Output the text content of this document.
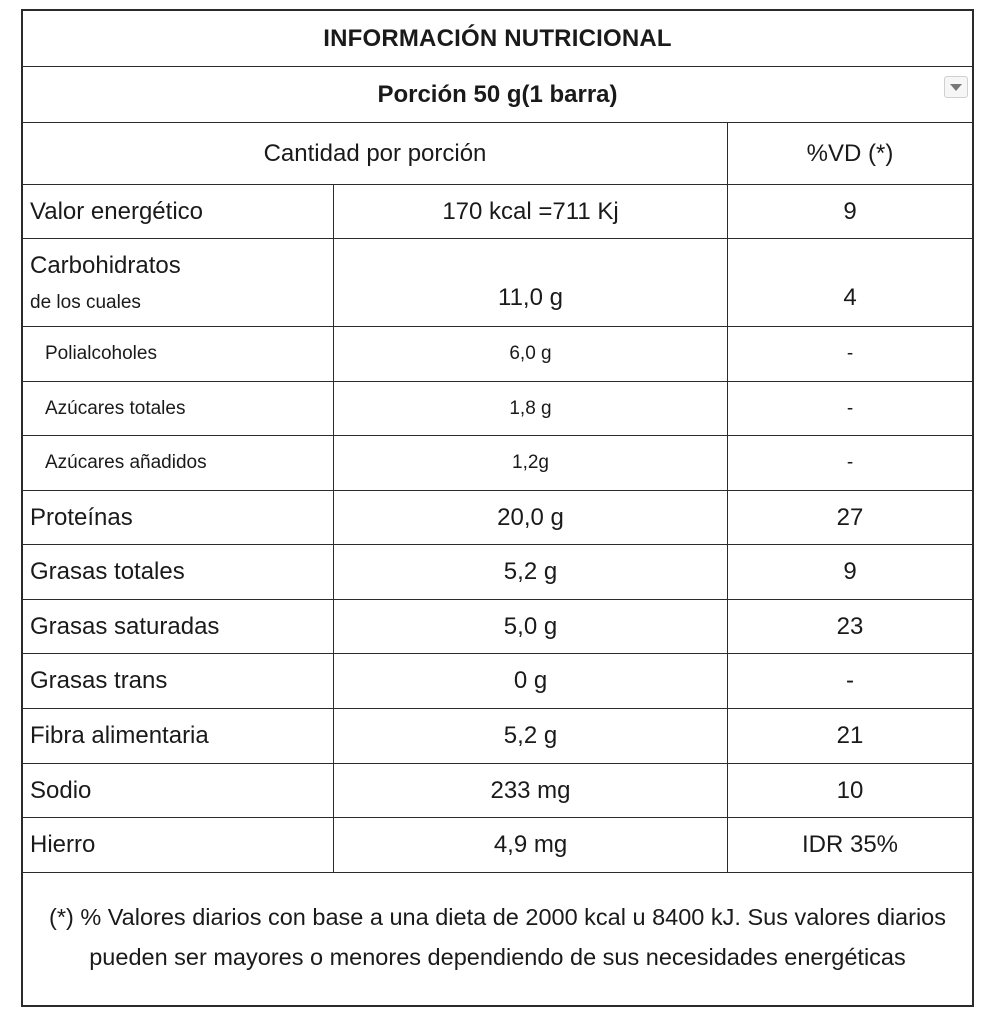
INFORMACIÓN NUTRICIONAL
Porción 50 g(1 barra)
Cantidad por porción	%VD (*)
Valor energético	170 kcal =711 Kj	9
Carbohidratos
de los cuales	11,0 g	4
Polialcoholes	6,0 g	-
Azúcares totales	1,8 g	-
Azúcares añadidos	1,2g	-
Proteínas	20,0 g	27
Grasas totales	5,2 g	9
Grasas saturadas	5,0 g	23
Grasas trans	0 g	-
Fibra alimentaria	5,2 g	21
Sodio	233 mg	10
Hierro	4,9 mg	IDR 35%

(*) % Valores diarios con base a una dieta de 2000 kcal u 8400 kJ. Sus valores diarios pueden ser mayores o menores dependiendo de sus necesidades energéticas
